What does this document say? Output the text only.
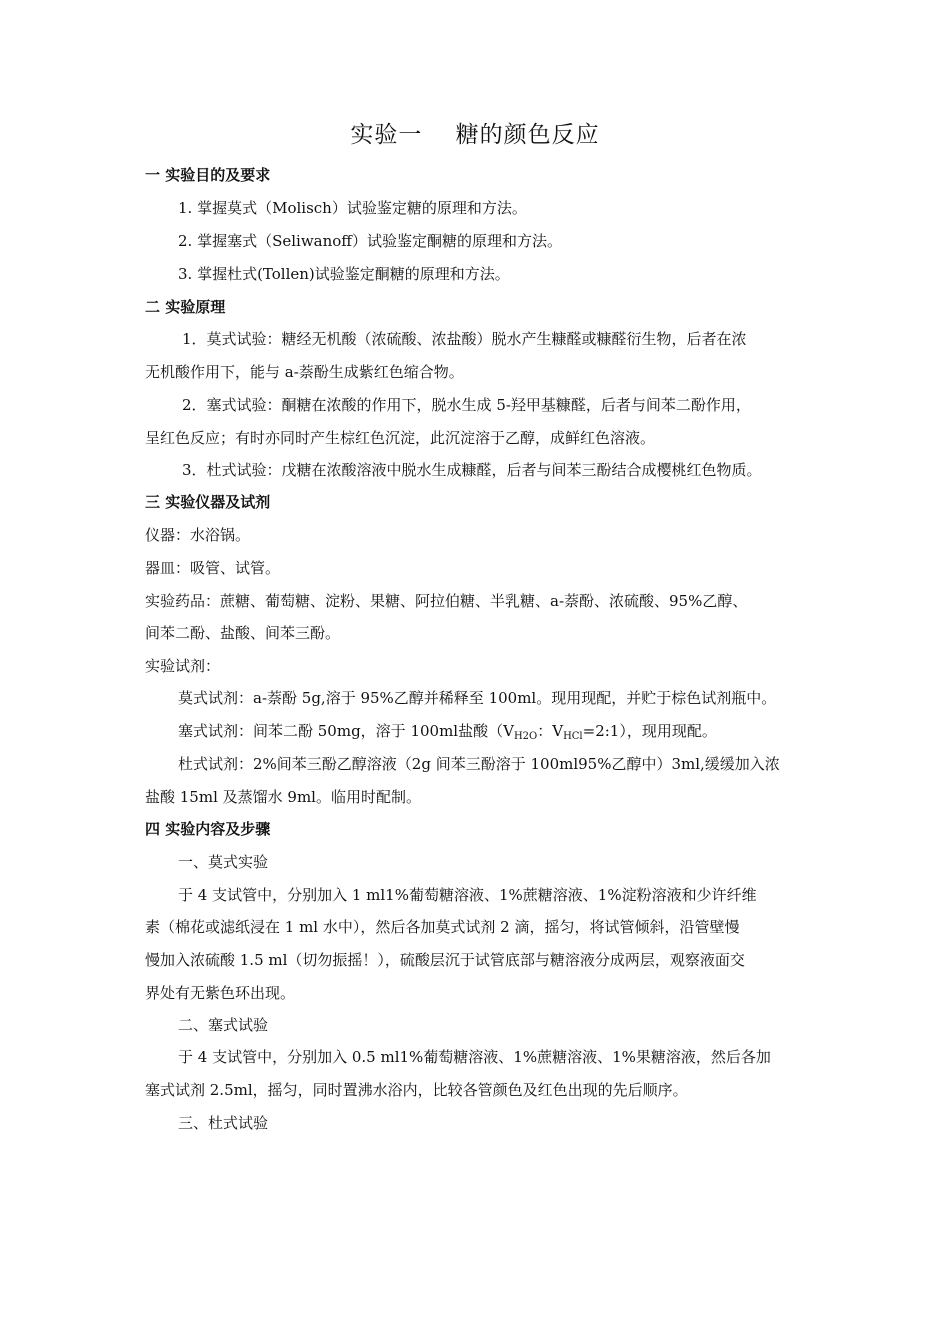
实验一    糖的颜色反应
一 实验目的及要求
1. 掌握莫式（Molisch）试验鉴定糖的原理和方法。
2. 掌握塞式（Seliwanoff）试验鉴定酮糖的原理和方法。
3. 掌握杜式(Tollen)试验鉴定酮糖的原理和方法。
二 实验原理
1．莫式试验：糖经无机酸（浓硫酸、浓盐酸）脱水产生糠醛或糠醛衍生物，后者在浓
无机酸作用下，能与 a-萘酚生成紫红色缩合物。
2．塞式试验：酮糖在浓酸的作用下，脱水生成 5-羟甲基糠醛，后者与间苯二酚作用，
呈红色反应；有时亦同时产生棕红色沉淀，此沉淀溶于乙醇，成鲜红色溶液。
3．杜式试验：戊糖在浓酸溶液中脱水生成糠醛，后者与间苯三酚结合成樱桃红色物质。
三 实验仪器及试剂
仪器：水浴锅。
器皿：吸管、试管。
实验药品：蔗糖、葡萄糖、淀粉、果糖、阿拉伯糖、半乳糖、a-萘酚、浓硫酸、95%乙醇、
间苯二酚、盐酸、间苯三酚。
实验试剂：
莫式试剂：a-萘酚 5g,溶于 95%乙醇并稀释至 100ml。现用现配，并贮于棕色试剂瓶中。
塞式试剂：间苯二酚 50mg，溶于 100ml盐酸（$V_{H2O}$：$V_{HCl}=2:1$），现用现配。
杜式试剂：2%间苯三酚乙醇溶液（2g 间苯三酚溶于 100ml95%乙醇中）3ml,缓缓加入浓
盐酸 15ml 及蒸馏水 9ml。临用时配制。
四 实验内容及步骤
一、莫式实验
于 4 支试管中，分别加入 1 ml1%葡萄糖溶液、1%蔗糖溶液、1%淀粉溶液和少许纤维
素（棉花或滤纸浸在 1 ml 水中），然后各加莫式试剂 2 滴，摇匀，将试管倾斜，沿管壁慢
慢加入浓硫酸 1.5 ml（切勿振摇！），硫酸层沉于试管底部与糖溶液分成两层，观察液面交
界处有无紫色环出现。
二、塞式试验
于 4 支试管中，分别加入 0.5 ml1%葡萄糖溶液、1%蔗糖溶液、1%果糖溶液，然后各加
塞式试剂 2.5ml，摇匀，同时置沸水浴内，比较各管颜色及红色出现的先后顺序。
三、杜式试验
